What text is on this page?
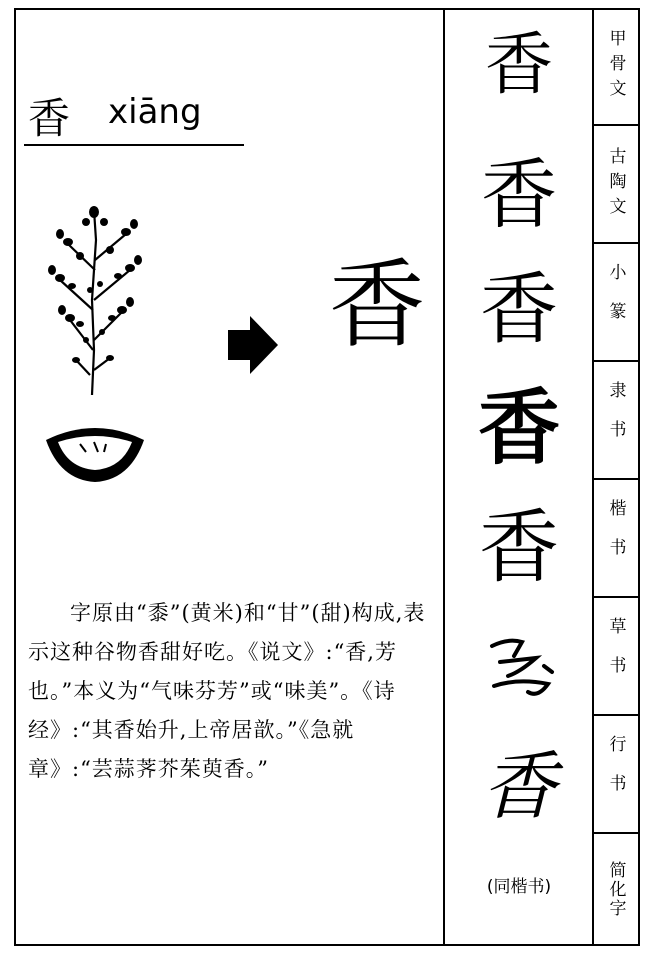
香 xiāng
香
字原由“黍”(黄米)和“甘”(甜)构成,表示这种谷物香甜好吃。《说文》:“香,芳也。”本义为“气味芬芳”或“味美”。《诗经》:“其香始升,上帝居歆。”《急就章》:“芸蒜荠芥茱萸香。”
香
香
香
香
香
香
(同楷书)
甲骨文
古陶文
小篆
隶书
楷书
草书
行书
简化字
